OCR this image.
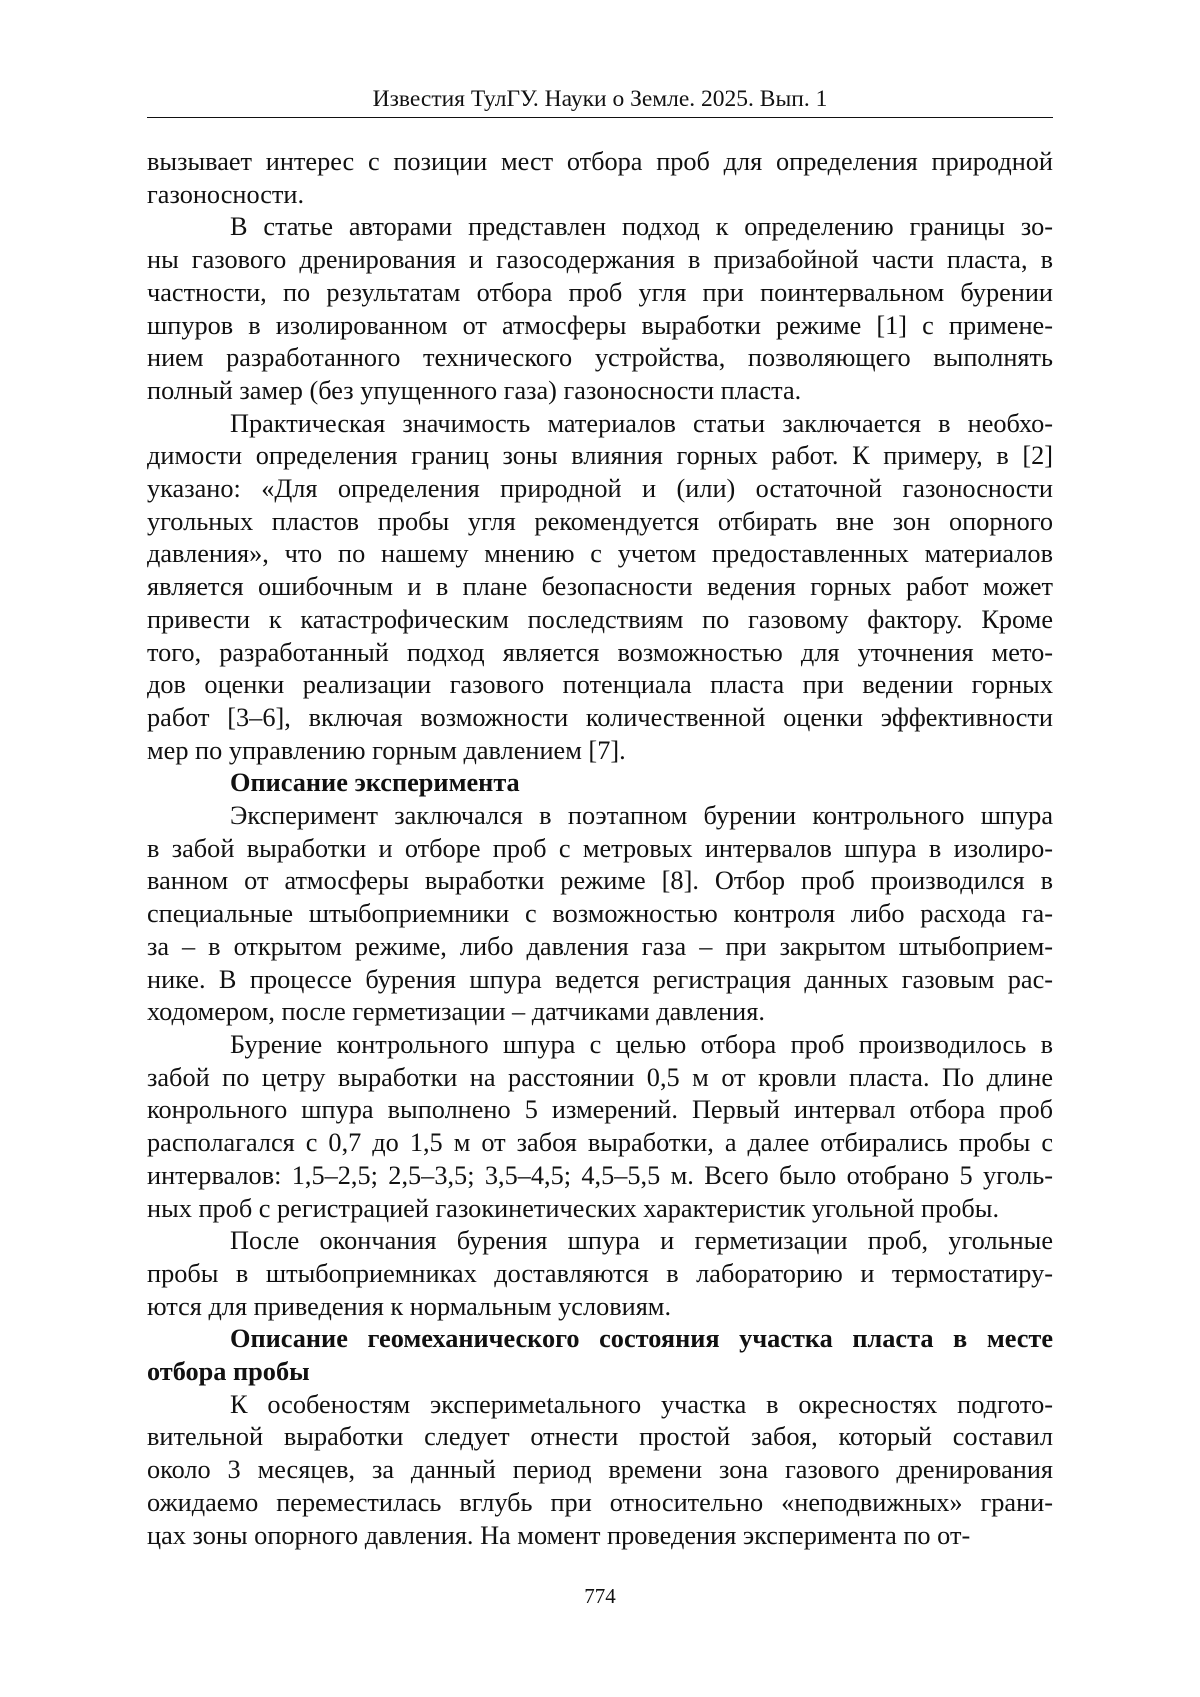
Известия ТулГУ. Науки о Земле. 2025. Вып. 1

вызывает интерес с позиции мест отбора проб для определения природной

газоносности.

В статье авторами представлен подход к определению границы зо-

ны газового дренирования и газосодержания в призабойной части пласта, в

частности, по результатам отбора проб угля при поинтервальном бурении

шпуров в изолированном от атмосферы выработки режиме [1] с примене-

нием разработанного технического устройства, позволяющего выполнять

полный замер (без упущенного газа) газоносности пласта.

Практическая значимость материалов статьи заключается в необхо-

димости определения границ зоны влияния горных работ. К примеру, в [2]

указано: «Для определения природной и (или) остаточной газоносности

угольных пластов пробы угля рекомендуется отбирать вне зон опорного

давления», что по нашему мнению с учетом предоставленных материалов

является ошибочным и в плане безопасности ведения горных работ может

привести к катастрофическим последствиям по газовому фактору. Кроме

того, разработанный подход является возможностью для уточнения мето-

дов оценки реализации газового потенциала пласта при ведении горных

работ [3–6], включая возможности количественной оценки эффективности

мер по управлению горным давлением [7].

Описание эксперимента

Эксперимент заключался в поэтапном бурении контрольного шпура

в забой выработки и отборе проб с метровых интервалов шпура в изолиро-

ванном от атмосферы выработки режиме [8]. Отбор проб производился в

специальные штыбоприемники с возможностью контроля либо расхода га-

за – в открытом режиме, либо давления газа – при закрытом штыбоприем-

нике. В процессе бурения шпура ведется регистрация данных газовым рас-

ходомером, после герметизации – датчиками давления.

Бурение контрольного шпура с целью отбора проб производилось в

забой по цетру выработки на расстоянии 0,5 м от кровли пласта. По длине

конрольного шпура выполнено 5 измерений. Первый интервал отбора проб

располагался с 0,7 до 1,5 м от забоя выработки, а далее отбирались пробы с

интервалов: 1,5–2,5; 2,5–3,5; 3,5–4,5; 4,5–5,5 м. Всего было отобрано 5 уголь-

ных проб с регистрацией газокинетических характеристик угольной пробы.

После окончания бурения шпура и герметизации проб, угольные

пробы в штыбоприемниках доставляются в лабораторию и термостатиру-

ются для приведения к нормальным условиям.

Описание геомеханического состояния участка пласта в месте

отбора пробы

К особеностям эксперимеtального участка в окресностях подгото-

вительной выработки следует отнести простой забоя, который составил

около 3 месяцев, за данный период времени зона газового дренирования

ожидаемо переместилась вглубь при относительно «неподвижных» грани-

цах зоны опорного давления. На момент проведения эксперимента по от-

774
